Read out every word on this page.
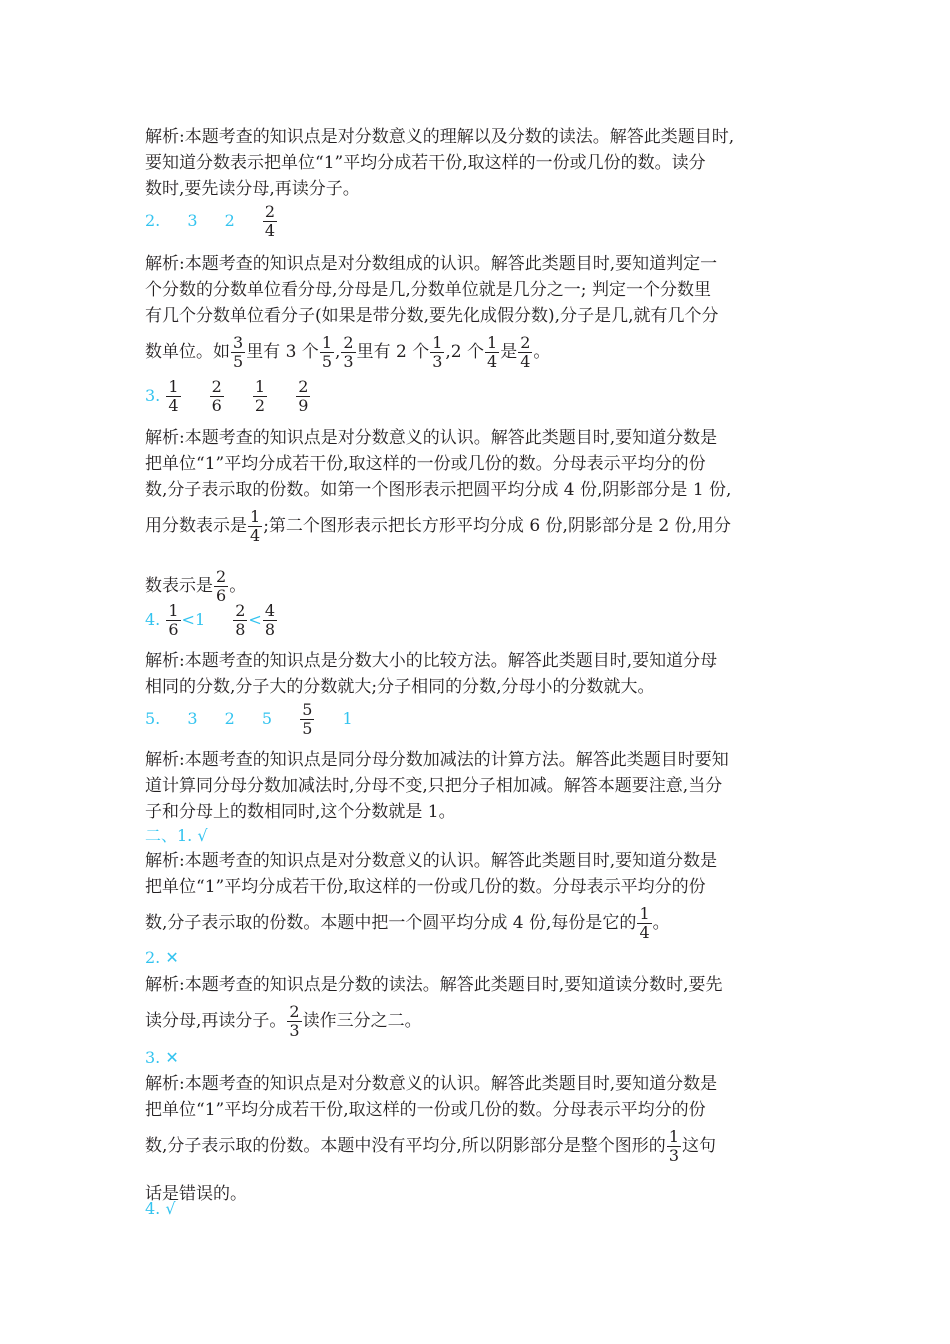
解析:本题考查的知识点是对分数意义的理解以及分数的读法。解答此类题目时,
要知道分数表示把单位“1”平均分成若干份,取这样的一份或几份的数。读分
数时,要先读分母,再读分子。
2. 3 $2 \frac{2}{4}$
解析:本题考查的知识点是对分数组成的认识。解答此类题目时,要知道判定一
个分数的分数单位看分母,分母是几,分数单位就是几分之一; 判定一个分数里
有几个分数单位看分子(如果是带分数,要先化成假分数),分子是几,就有几个分
数单位。如 $\frac{3}{5}$ 里有 3 个 $\frac{1}{5}$ , $\frac{2}{3}$ 里有 2 个 $\frac{1}{3} ,2$ 个 $\frac{1}{4}$ 是 $\frac{2}{4}$ 。
3. $\frac{1}{4}$
$\frac{2}{6}$
$\frac{1}{2}$
$\frac{2}{9}$
解析:本题考查的知识点是对分数意义的认识。解答此类题目时,要知道分数是
把单位“1”平均分成若干份,取这样的一份或几份的数。分母表示平均分的份
数,分子表示取的份数。如第一个图形表示把圆平均分成 4 份,阴影部分是 1 份,
用分数表示是 $\frac{1}{4}$ ;第二个图形表示把长方形平均分成 6 份,阴影部分是 2 份,用分
数表示是 $\frac{2}{6}$ 。
4. $\frac{1}{6} <1 \frac{2}{8} < \frac{4}{8}$
解析:本题考查的知识点是分数大小的比较方法。解答此类题目时,要知道分母
相同的分数,分子大的分数就大;分子相同的分数,分母小的分数就大。
5. 3 2 $5 \frac{5}{5} 1$
解析:本题考查的知识点是同分母分数加减法的计算方法。解答此类题目时要知
道计算同分母分数加减法时,分母不变,只把分子相加减。解答本题要注意,当分
子和分母上的数相同时,这个分数就是 1。
二、1. √
解析:本题考查的知识点是对分数意义的认识。解答此类题目时,要知道分数是
把单位“1”平均分成若干份,取这样的一份或几份的数。分母表示平均分的份
数,分子表示取的份数。本题中把一个圆平均分成 4 份,每份是它的 $\frac{1}{4}$ 。
2. ✕
解析:本题考查的知识点是分数的读法。解答此类题目时,要知道读分数时,要先
读分母,再读分子。 $\frac{2}{3}$ 读作三分之二。
3. ✕
解析:本题考查的知识点是对分数意义的认识。解答此类题目时,要知道分数是
把单位“1”平均分成若干份,取这样的一份或几份的数。分母表示平均分的份
数,分子表示取的份数。本题中没有平均分,所以阴影部分是整个图形的 $\frac{1}{3}$ 这句
话是错误的。
4. √
